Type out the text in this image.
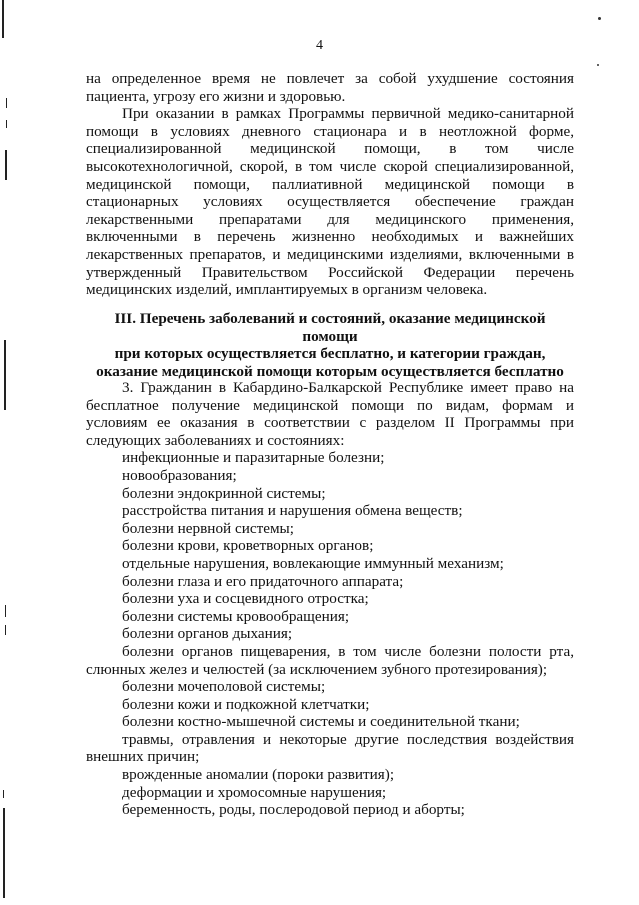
4

на определенное время не повлечет за собой ухудшение состояния пациента, угрозу его жизни и здоровью.

При оказании в рамках Программы первичной медико-санитарной помощи в условиях дневного стационара и в неотложной форме, специализированной медицинской помощи, в том числе высокотехнологичной, скорой, в том числе скорой специализированной, медицинской помощи, паллиативной медицинской помощи в стационарных условиях осуществляется обеспечение граждан лекарственными препаратами для медицинского применения, включенными в перечень жизненно необходимых и важнейших лекарственных препаратов, и медицинскими изделиями, включенными в утвержденный Правительством Российской Федерации перечень медицинских изделий, имплантируемых в организм человека.

III. Перечень заболеваний и состояний, оказание медицинской помощи

при которых осуществляется бесплатно, и категории граждан,

оказание медицинской помощи которым осуществляется бесплатно

3. Гражданин в Кабардино-Балкарской Республике имеет право на бесплатное получение медицинской помощи по видам, формам и условиям ее оказания в соответствии с разделом II Программы при следующих заболеваниях и состояниях:

инфекционные и паразитарные болезни;
новообразования;
болезни эндокринной системы;
расстройства питания и нарушения обмена веществ;
болезни нервной системы;
болезни крови, кроветворных органов;
отдельные нарушения, вовлекающие иммунный механизм;
болезни глаза и его придаточного аппарата;
болезни уха и сосцевидного отростка;
болезни системы кровообращения;
болезни органов дыхания;
болезни органов пищеварения, в том числе болезни полости рта, слюнных желез и челюстей (за исключением зубного протезирования);
болезни мочеполовой системы;
болезни кожи и подкожной клетчатки;
болезни костно-мышечной системы и соединительной ткани;
травмы, отравления и некоторые другие последствия воздействия внешних причин;
врожденные аномалии (пороки развития);
деформации и хромосомные нарушения;
беременность, роды, послеродовой период и аборты;
